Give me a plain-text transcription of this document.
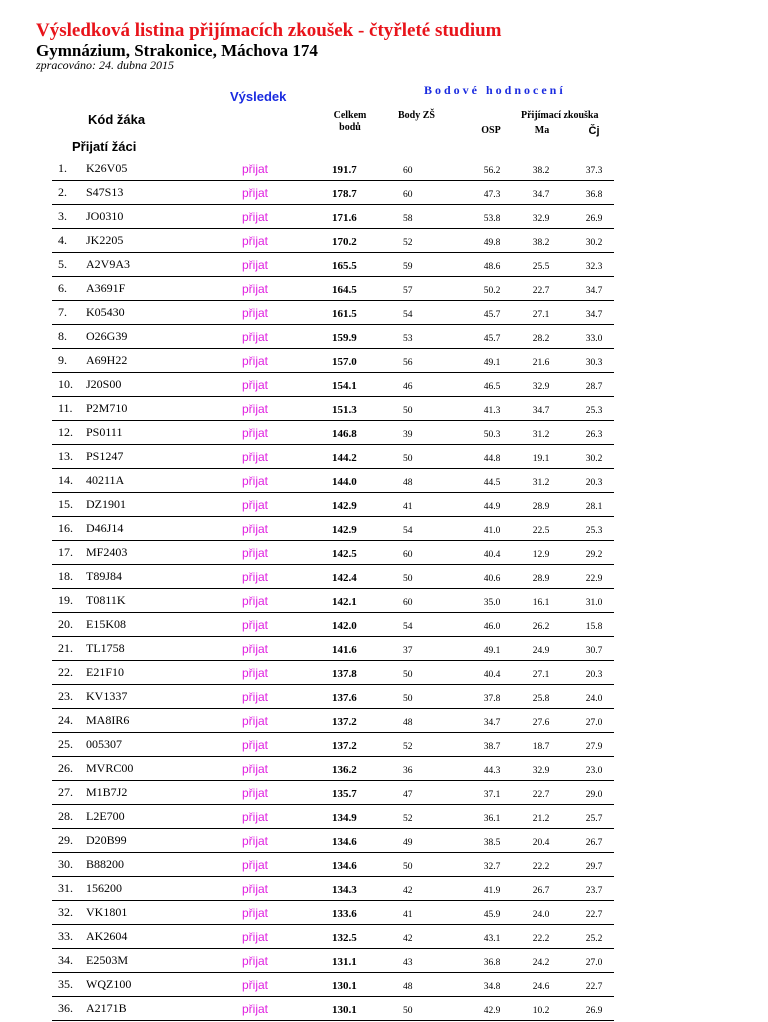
Výsledková listina přijímacích zkoušek - čtyřleté studium
Gymnázium, Strakonice, Máchova 174
zpracováno: 24. dubna 2015
Výsledek	Bodové hodnocení
Kód žáka	Celkem bodů
Body ZŠ	Přijímací zkouška
OSP	Ma	Čj
Přijatí žáci
1. K26V05	přijat	191.7	60	56.2	38.2	37.3
2. S47S13	přijat	178.7	60	47.3	34.7	36.8
3. JO0310	přijat	171.6	58	53.8	32.9	26.9
4. JK2205	přijat	170.2	52	49.8	38.2	30.2
5. A2V9A3	přijat	165.5	59	48.6	25.5	32.3
6. A3691F	přijat	164.5	57	50.2	22.7	34.7
7. K05430	přijat	161.5	54	45.7	27.1	34.7
8. O26G39	přijat	159.9	53	45.7	28.2	33.0
9. A69H22	přijat	157.0	56	49.1	21.6	30.3
10. J20S00	přijat	154.1	46	46.5	32.9	28.7
11. P2M710	přijat	151.3	50	41.3	34.7	25.3
12. PS0111	přijat	146.8	39	50.3	31.2	26.3
13. PS1247	přijat	144.2	50	44.8	19.1	30.2
14. 40211A	přijat	144.0	48	44.5	31.2	20.3
15. DZ1901	přijat	142.9	41	44.9	28.9	28.1
16. D46J14	přijat	142.9	54	41.0	22.5	25.3
17. MF2403	přijat	142.5	60	40.4	12.9	29.2
18. T89J84	přijat	142.4	50	40.6	28.9	22.9
19. T0811K	přijat	142.1	60	35.0	16.1	31.0
20. E15K08	přijat	142.0	54	46.0	26.2	15.8
21. TL1758	přijat	141.6	37	49.1	24.9	30.7
22. E21F10	přijat	137.8	50	40.4	27.1	20.3
23. KV1337	přijat	137.6	50	37.8	25.8	24.0
24. MA8IR6	přijat	137.2	48	34.7	27.6	27.0
25. 005307	přijat	137.2	52	38.7	18.7	27.9
26. MVRC00	přijat	136.2	36	44.3	32.9	23.0
27. M1B7J2	přijat	135.7	47	37.1	22.7	29.0
28. L2E700	přijat	134.9	52	36.1	21.2	25.7
29. D20B99	přijat	134.6	49	38.5	20.4	26.7
30. B88200	přijat	134.6	50	32.7	22.2	29.7
31. 156200	přijat	134.3	42	41.9	26.7	23.7
32. VK1801	přijat	133.6	41	45.9	24.0	22.7
33. AK2604	přijat	132.5	42	43.1	22.2	25.2
34. E2503M	přijat	131.1	43	36.8	24.2	27.0
35. WQZ100	přijat	130.1	48	34.8	24.6	22.7
36. A2171B	přijat	130.1	50	42.9	10.2	26.9
